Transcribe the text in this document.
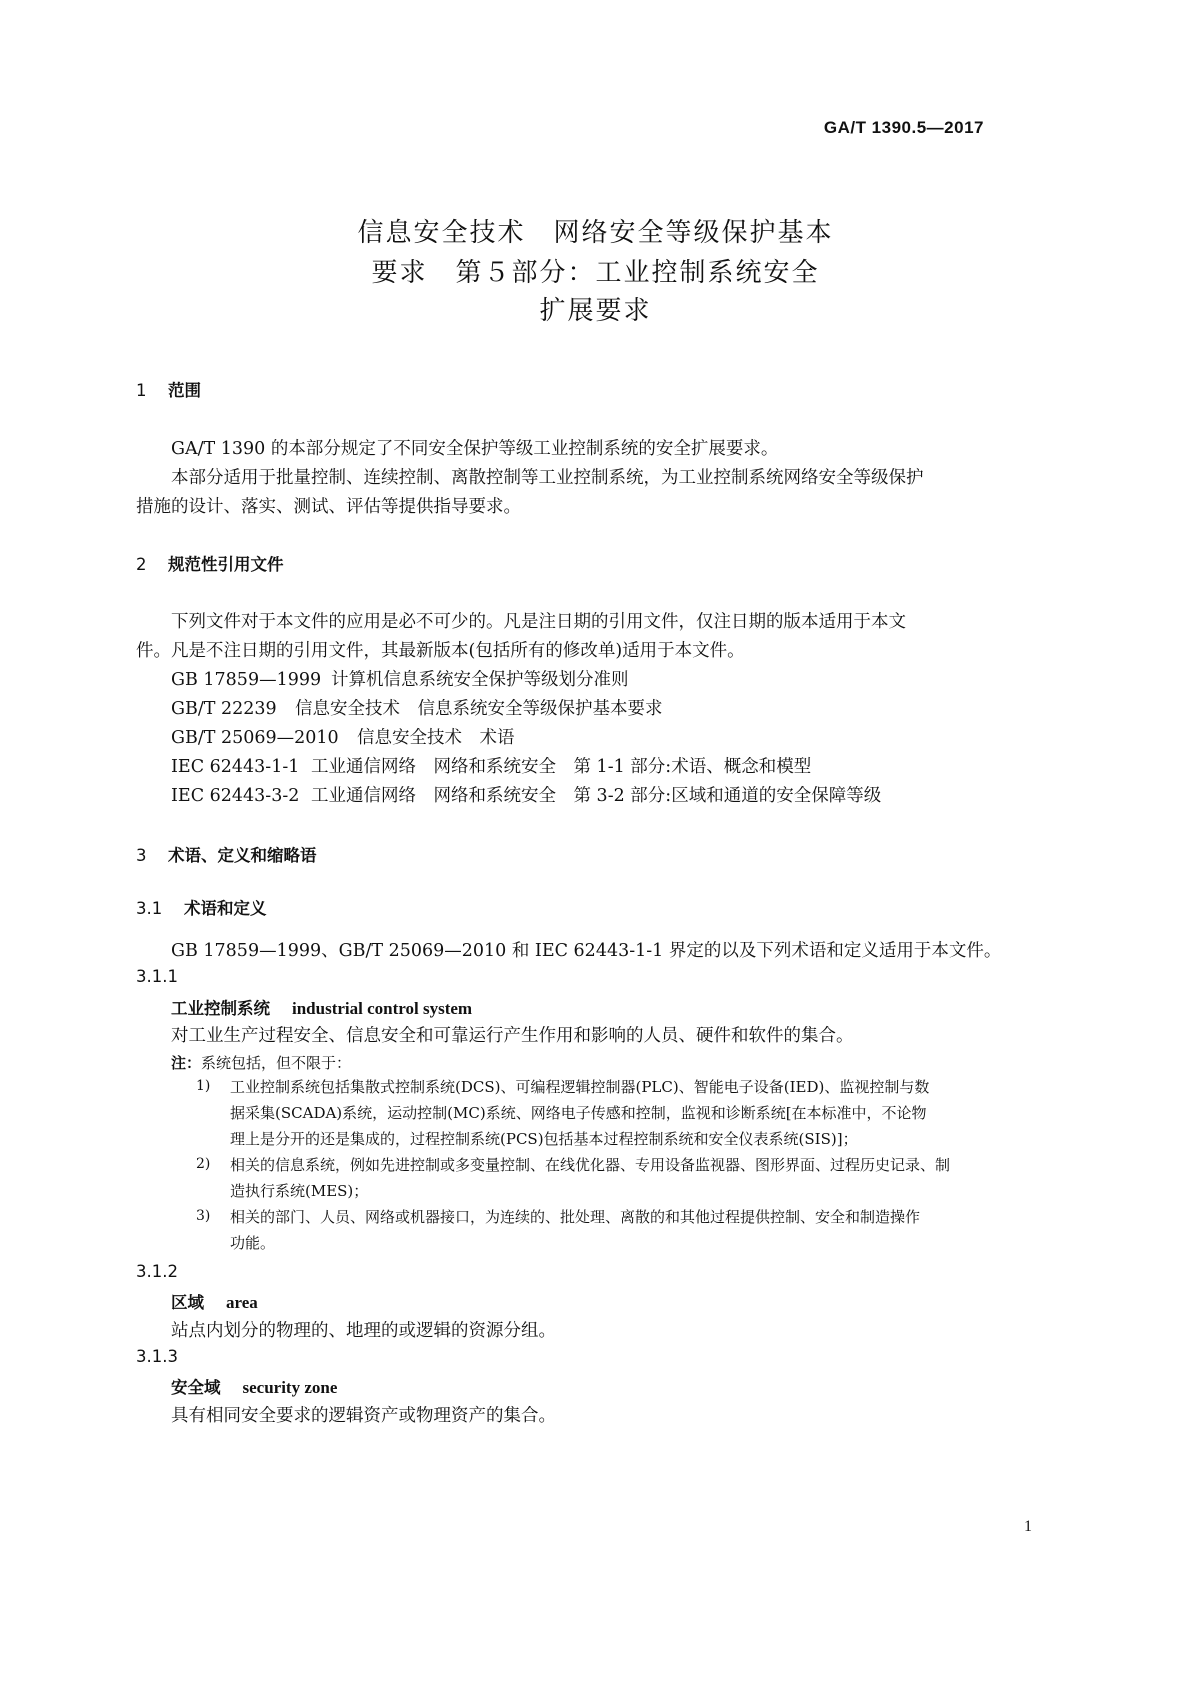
GA/T 1390.5—2017
信息安全技术　网络安全等级保护基本
要求　第５部分：工业控制系统安全
扩展要求
1 范围
GA/T 1390 的本部分规定了不同安全保护等级工业控制系统的安全扩展要求。
本部分适用于批量控制、连续控制、离散控制等工业控制系统，为工业控制系统网络安全等级保护
措施的设计、落实、测试、评估等提供指导要求。
2 规范性引用文件
下列文件对于本文件的应用是必不可少的。凡是注日期的引用文件，仅注日期的版本适用于本文
件。凡是不注日期的引用文件，其最新版本(包括所有的修改单)适用于本文件。
GB 17859—1999 计算机信息系统安全保护等级划分准则
GB/T 22239 信息安全技术　信息系统安全等级保护基本要求
GB/T 25069—2010 信息安全技术　术语
IEC 62443-1-1 工业通信网络　网络和系统安全　第 1-1 部分:术语、概念和模型
IEC 62443-3-2 工业通信网络　网络和系统安全　第 3-2 部分:区域和通道的安全保障等级
3 术语、定义和缩略语
3.1 术语和定义
GB 17859—1999、GB/T 25069—2010 和 IEC 62443-1-1 界定的以及下列术语和定义适用于本文件。
3.1.1
工业控制系统 industrial control system
对工业生产过程安全、信息安全和可靠运行产生作用和影响的人员、硬件和软件的集合。
注：系统包括，但不限于：
1) 工业控制系统包括集散式控制系统(DCS)、可编程逻辑控制器(PLC)、智能电子设备(IED)、监视控制与数
据采集(SCADA)系统，运动控制(MC)系统、网络电子传感和控制，监视和诊断系统[在本标准中，不论物
理上是分开的还是集成的，过程控制系统(PCS)包括基本过程控制系统和安全仪表系统(SIS)]；
2) 相关的信息系统，例如先进控制或多变量控制、在线优化器、专用设备监视器、图形界面、过程历史记录、制
造执行系统(MES)；
3) 相关的部门、人员、网络或机器接口，为连续的、批处理、离散的和其他过程提供控制、安全和制造操作
功能。
3.1.2
区域 area
站点内划分的物理的、地理的或逻辑的资源分组。
3.1.3
安全域 security zone
具有相同安全要求的逻辑资产或物理资产的集合。
1
